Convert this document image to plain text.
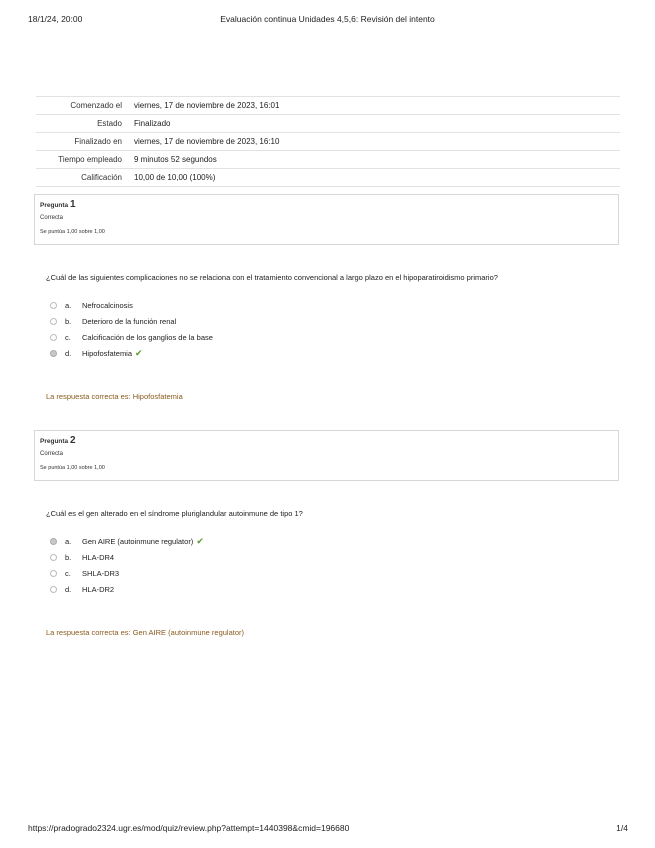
18/1/24, 20:00	Evaluación continua Unidades 4,5,6: Revisión del intento
Comenzado el	viernes, 17 de noviembre de 2023, 16:01
Estado	Finalizado
Finalizado en	viernes, 17 de noviembre de 2023, 16:10
Tiempo empleado	9 minutos 52 segundos
Calificación	10,00 de 10,00 (100%)
Pregunta 1
Correcta
Se puntúa 1,00 sobre 1,00
¿Cuál de las siguientes complicaciones no se relaciona con el tratamiento convencional a largo plazo en el hipoparatiroidismo primario?
a.	Nefrocalcinosis
b.	Deterioro de la función renal
c.	Calcificación de los ganglios de la base
d.	Hipofosfatemia ✔
La respuesta correcta es: Hipofosfatemia
Pregunta 2
Correcta
Se puntúa 1,00 sobre 1,00
¿Cuál es el gen alterado en el síndrome pluriglandular autoinmune de tipo 1?
a.	Gen AIRE (autoinmune regulator) ✔
b.	HLA-DR4
c.	SHLA-DR3
d.	HLA-DR2
La respuesta correcta es: Gen AIRE (autoinmune regulator)
https://pradogrado2324.ugr.es/mod/quiz/review.php?attempt=1440398&cmid=196680	1/4
